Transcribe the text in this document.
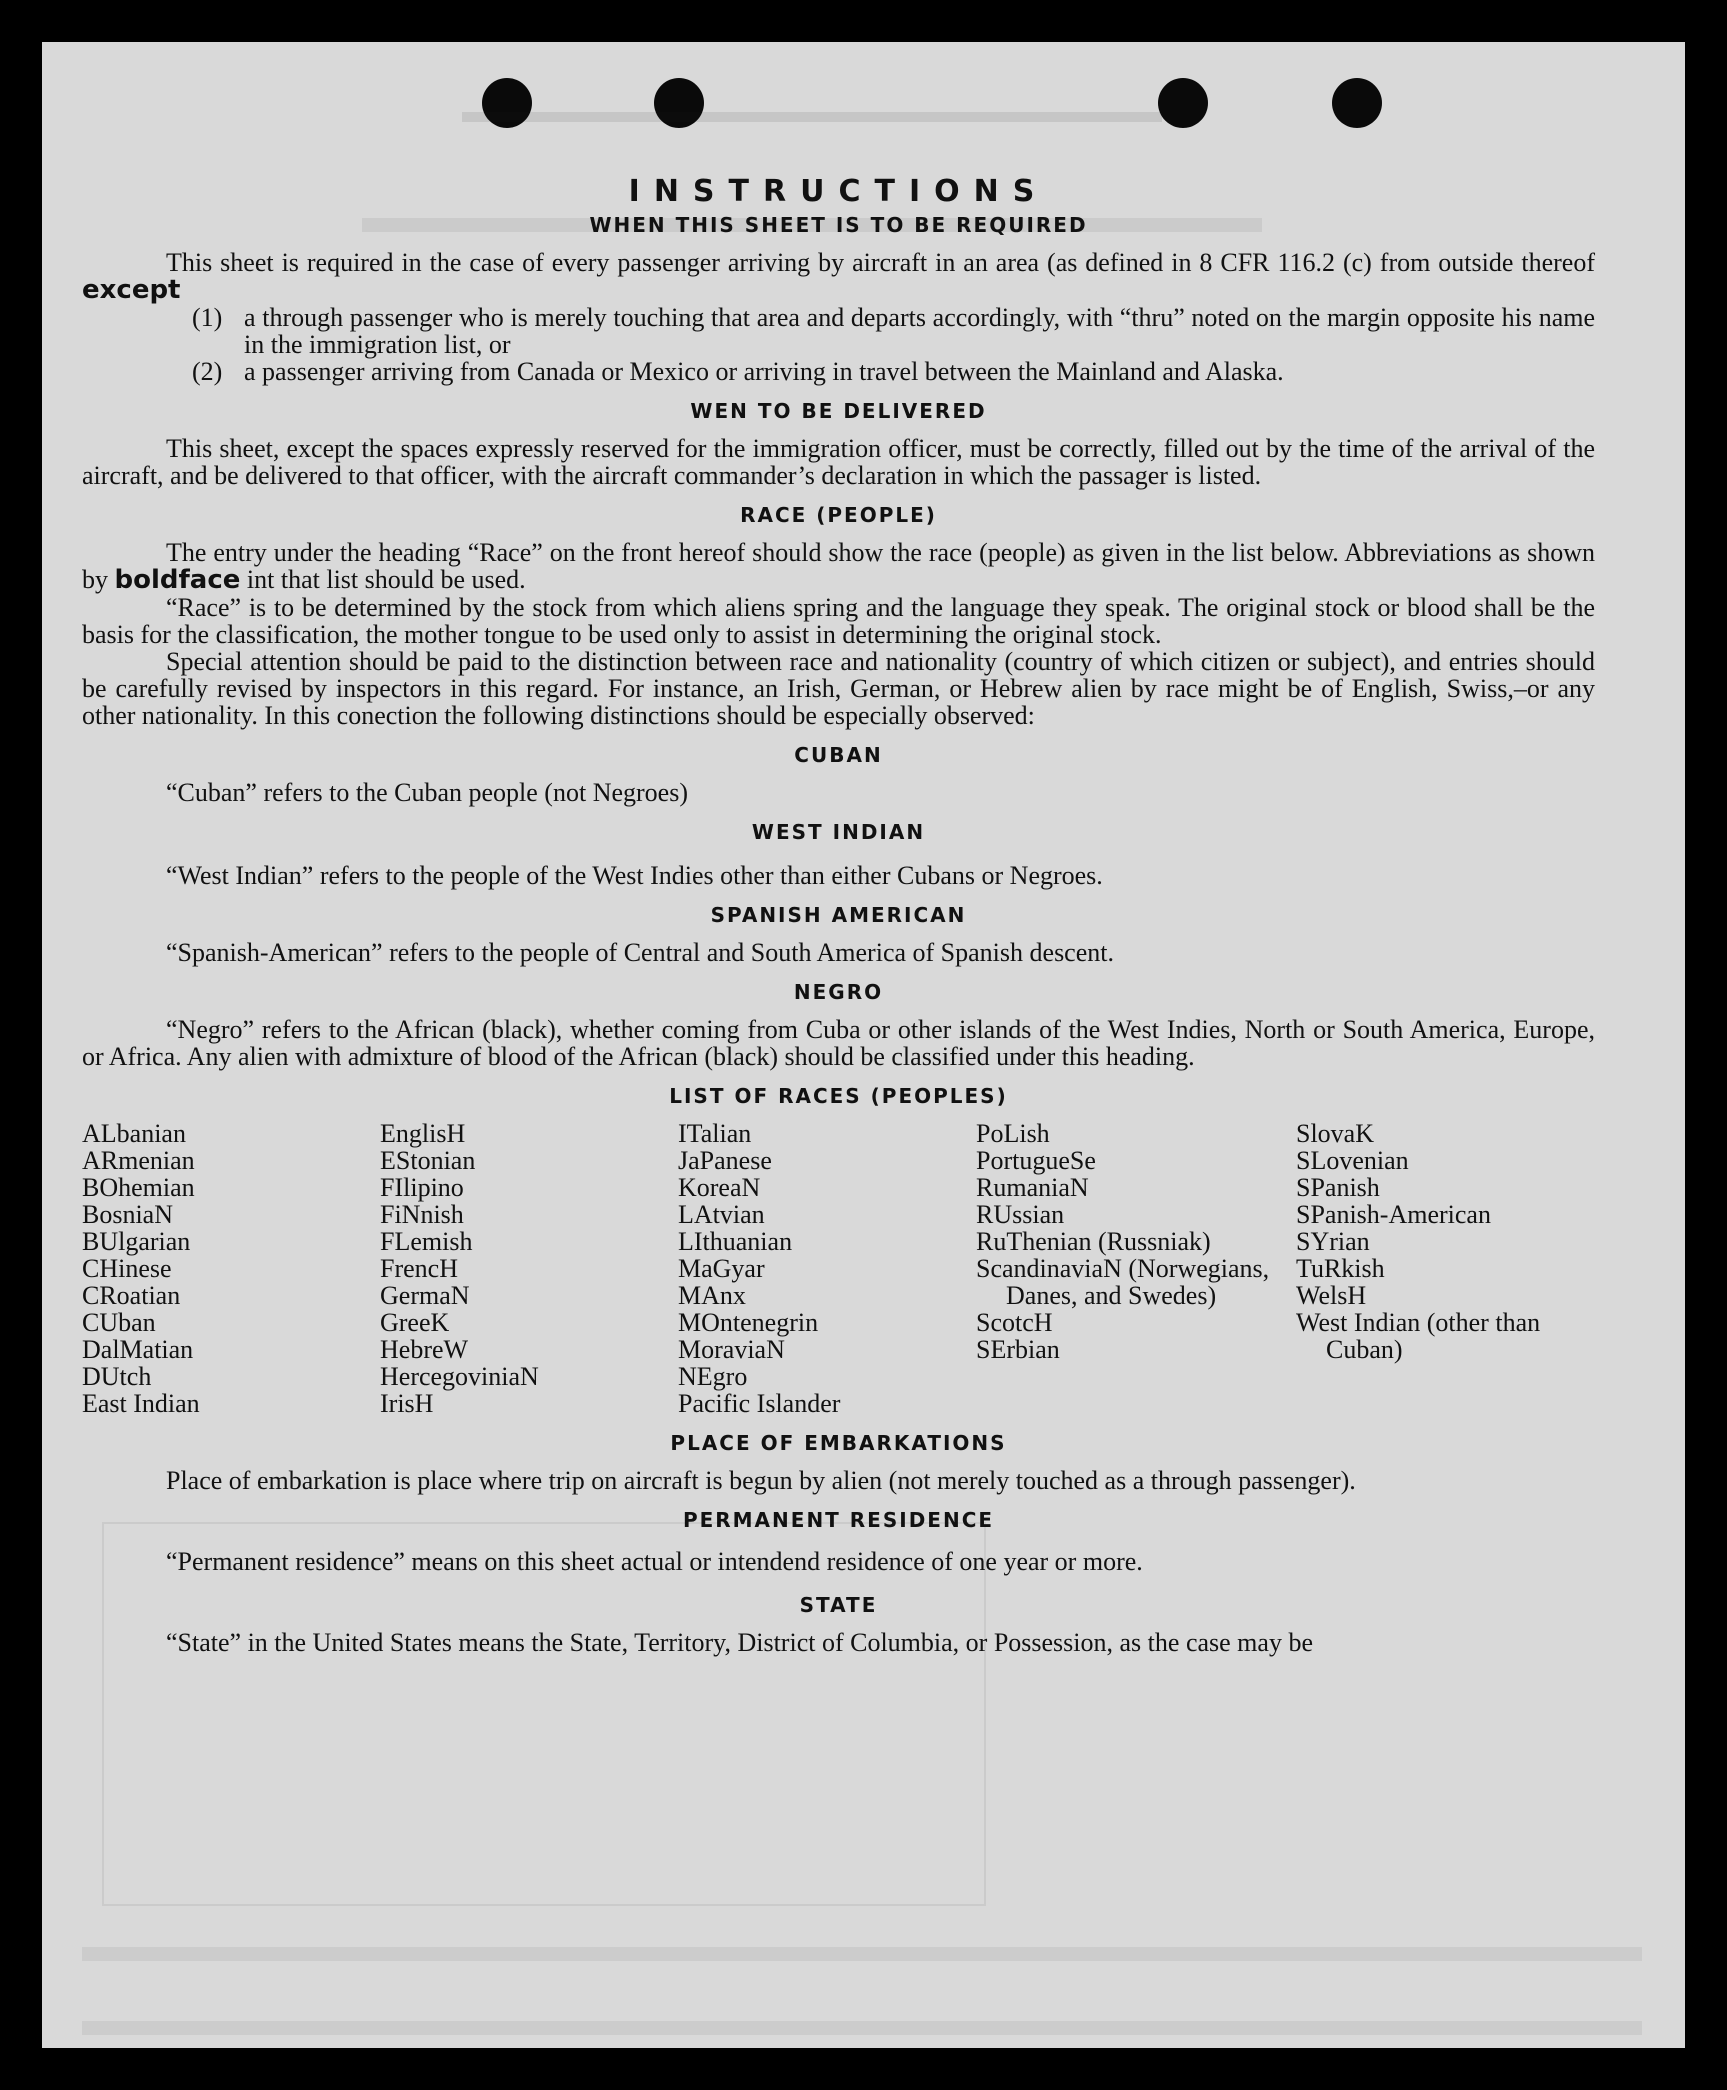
INSTRUCTIONS
WHEN THIS SHEET IS TO BE REQUIRED

This sheet is required in the case of every passenger arriving by aircraft in an area (as defined in 8 CFR 116.2 (c) from outside thereof except

(1) a through passenger who is merely touching that area and departs accordingly, with “thru” noted on the margin opposite his name in the immigration list, or
(2) a passenger arriving from Canada or Mexico or arriving in travel between the Mainland and Alaska.
WEN TO BE DELIVERED

This sheet, except the spaces expressly reserved for the immigration officer, must be correctly, filled out by the time of the arrival of the aircraft, and be delivered to that officer, with the aircraft commander’s declaration in which the passager is listed.

RACE (PEOPLE)

The entry under the heading “Race” on the front hereof should show the race (people) as given in the list below. Abbreviations as shown by boldface int that list should be used.

“Race” is to be determined by the stock from which aliens spring and the language they speak. The original stock or blood shall be the basis for the classification, the mother tongue to be used only to assist in determining the original stock.

Special attention should be paid to the distinction between race and nationality (country of which citizen or subject), and entries should be carefully revised by inspectors in this regard. For instance, an Irish, German, or Hebrew alien by race might be of English, Swiss,–or any other nationality. In this conection the following distinctions should be especially observed:

CUBAN

“Cuban” refers to the Cuban people (not Negroes)

WEST INDIAN

“West Indian” refers to the people of the West Indies other than either Cubans or Negroes.

SPANISH AMERICAN

“Spanish-American” refers to the people of Central and South America of Spanish descent.

NEGRO

“Negro” refers to the African (black), whether coming from Cuba or other islands of the West Indies, North or South America, Europe, or Africa. Any alien with admixture of blood of the African (black) should be classified under this heading.

LIST OF RACES (PEOPLES)
ALbanian
ARmenian
BOhemian
BosniaN
BUlgarian
CHinese
CRoatian
CUban
DalMatian
DUtch
East Indian
EnglisH
EStonian
FIlipino
FiNnish
FLemish
FrencH
GermaN
GreeK
HebreW
HercegoviniaN
IrisH
ITalian
JaPanese
KoreaN
LAtvian
LIthuanian
MaGyar
MAnx
MOntenegrin
MoraviaN
NEgro
Pacific Islander
PoLish
PortugueSe
RumaniaN
RUssian
RuThenian (Russniak)
ScandinaviaN (Norwegians, Danes, and Swedes)
ScotcH
SErbian
SlovaK
SLovenian
SPanish
SPanish-American
SYrian
TuRkish
WelsH
West Indian (other than Cuban)
PLACE OF EMBARKATIONS

Place of embarkation is place where trip on aircraft is begun by alien (not merely touched as a through passenger).

PERMANENT RESIDENCE

“Permanent residence” means on this sheet actual or intendend residence of one year or more.

STATE

“State” in the United States means the State, Territory, District of Columbia, or Possession, as the case may be
